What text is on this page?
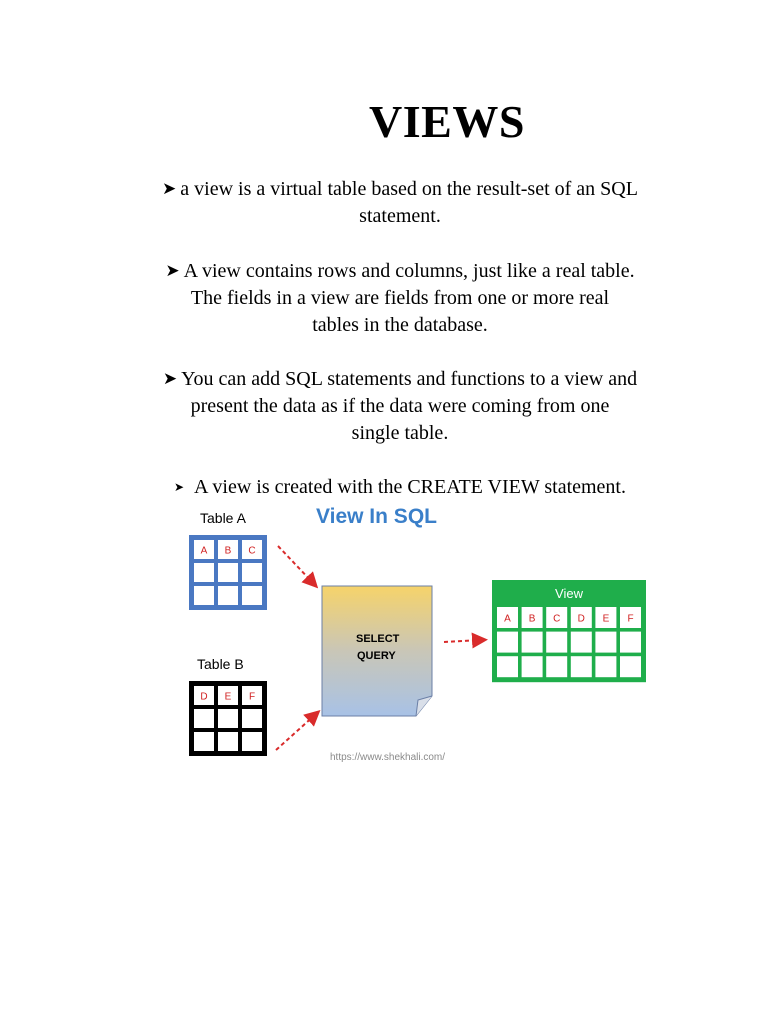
VIEWS
➤ a view is a virtual table based on the result-set of an SQL
statement.
➤ A view contains rows and columns, just like a real table.
The fields in a view are fields from one or more real
tables in the database.
➤ You can add SQL statements and functions to a view and
present the data as if the data were coming from one
single table.
➤ A view is created with the CREATE VIEW statement.
View In SQL
Table A
A B C
Table B
D E F
SELECT
QUERY
View
A B C D E F
https://www.shekhali.com/
